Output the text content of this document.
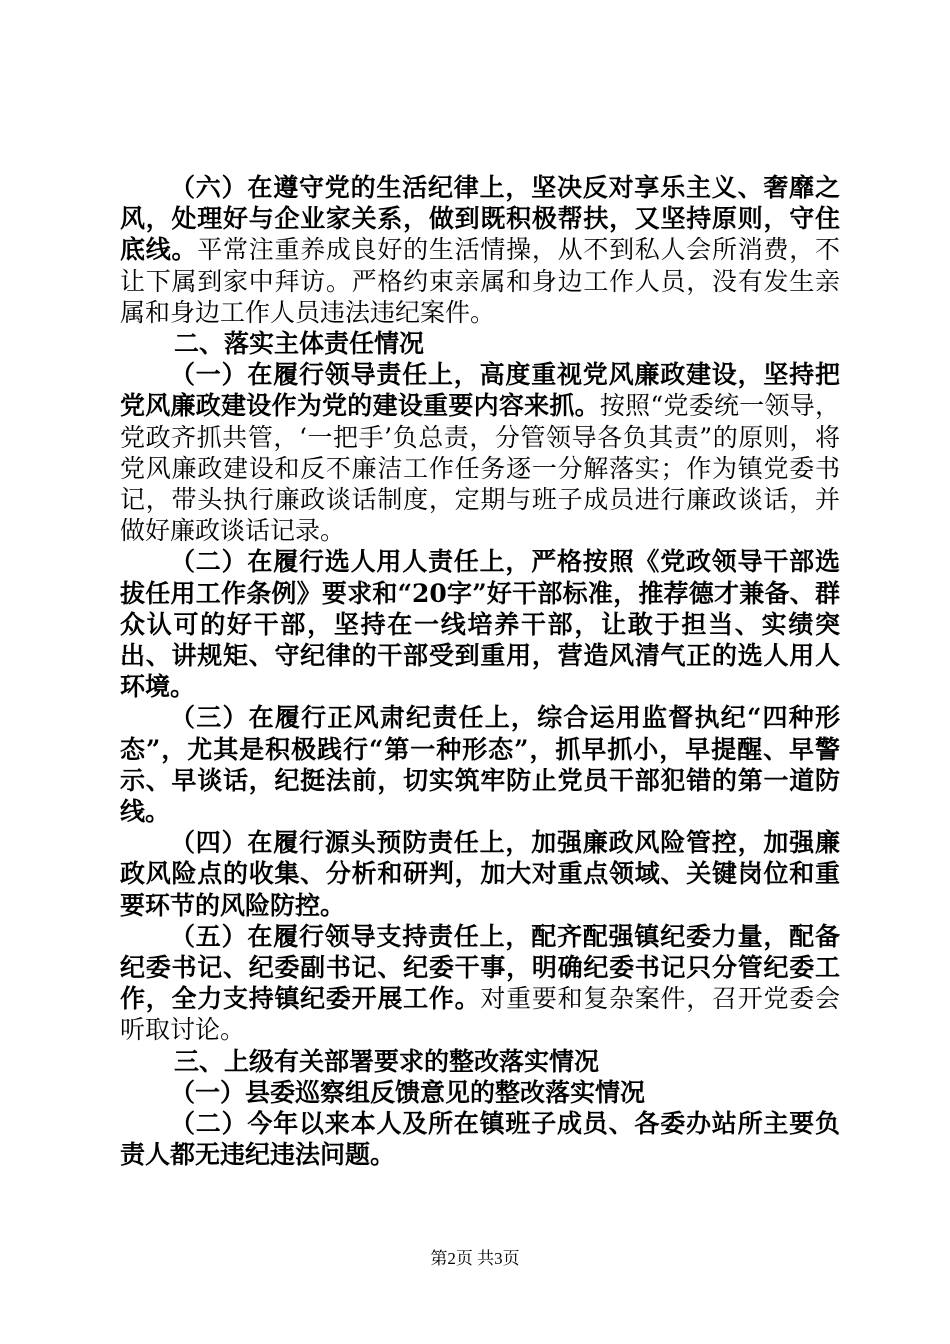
（六）在遵守党的生活纪律上，坚决反对享乐主义、奢靡之风，处理好与企业家关系，做到既积极帮扶，又坚持原则，守住底线。平常注重养成良好的生活情操，从不到私人会所消费，不让下属到家中拜访。严格约束亲属和身边工作人员，没有发生亲属和身边工作人员违法违纪案件。

二、落实主体责任情况

（一）在履行领导责任上，高度重视党风廉政建设，坚持把党风廉政建设作为党的建设重要内容来抓。按照“党委统一领导，党政齐抓共管，‘一把手’负总责，分管领导各负其责”的原则，将党风廉政建设和反不廉洁工作任务逐一分解落实；作为镇党委书记，带头执行廉政谈话制度，定期与班子成员进行廉政谈话，并做好廉政谈话记录。

（二）在履行选人用人责任上，严格按照《党政领导干部选拔任用工作条例》要求和“20字”好干部标准，推荐德才兼备、群众认可的好干部，坚持在一线培养干部，让敢于担当、实绩突出、讲规矩、守纪律的干部受到重用，营造风清气正的选人用人环境。

（三）在履行正风肃纪责任上，综合运用监督执纪“四种形态”，尤其是积极践行“第一种形态”，抓早抓小，早提醒、早警示、早谈话，纪挺法前，切实筑牢防止党员干部犯错的第一道防线。

（四）在履行源头预防责任上，加强廉政风险管控，加强廉政风险点的收集、分析和研判，加大对重点领域、关键岗位和重要环节的风险防控。

（五）在履行领导支持责任上，配齐配强镇纪委力量，配备纪委书记、纪委副书记、纪委干事，明确纪委书记只分管纪委工作，全力支持镇纪委开展工作。对重要和复杂案件，召开党委会听取讨论。

三、上级有关部署要求的整改落实情况

（一）县委巡察组反馈意见的整改落实情况

（二）今年以来本人及所在镇班子成员、各委办站所主要负责人都无违纪违法问题。

第2页 共3页
